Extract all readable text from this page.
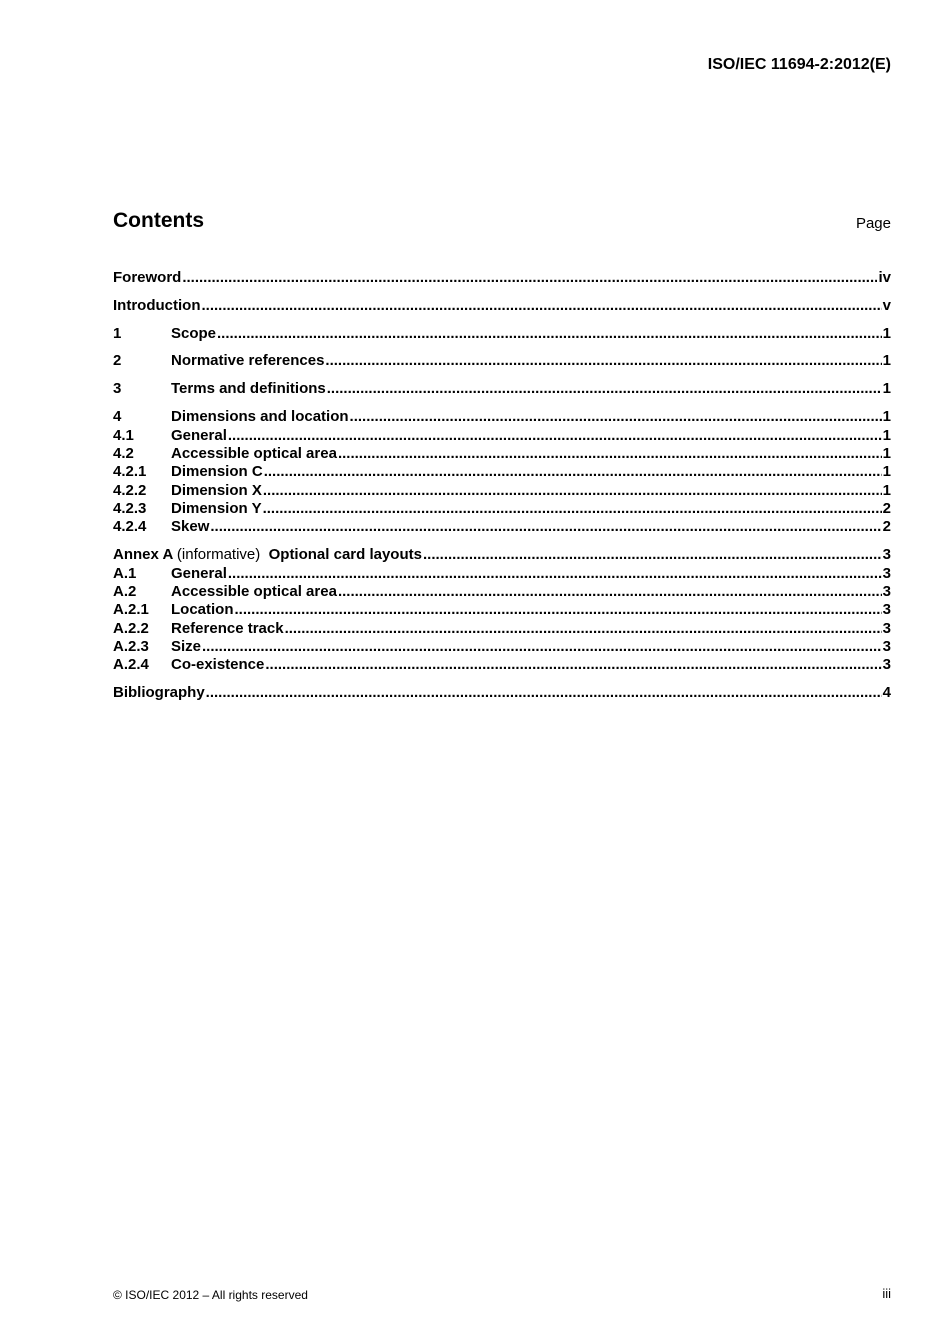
ISO/IEC 11694-2:2012(E)
Contents	Page
Foreword .....	iv
Introduction .....	v
1	Scope .....	1
2	Normative references .....	1
3	Terms and definitions .....	1
4	Dimensions and location .....	1
4.1	General .....	1
4.2	Accessible optical area .....	1
4.2.1	Dimension C .....	1
4.2.2	Dimension X .....	1
4.2.3	Dimension Y .....	2
4.2.4	Skew .....	2
Annex A (informative) Optional card layouts .....	3
A.1	General .....	3
A.2	Accessible optical area .....	3
A.2.1	Location .....	3
A.2.2	Reference track .....	3
A.2.3	Size .....	3
A.2.4	Co-existence .....	3
Bibliography .....	4
© ISO/IEC 2012 – All rights reserved	iii
